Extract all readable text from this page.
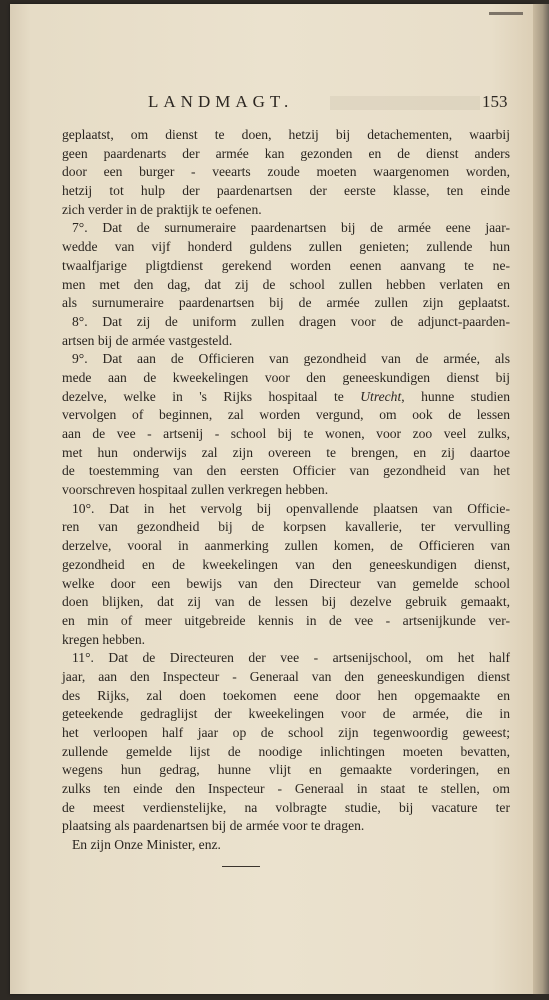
LANDMAGT.	153
geplaatst, om dienst te doen, hetzij bij detachementen, waarbij
geen paardenarts der armée kan gezonden en de dienst anders
door een burger - veearts zoude moeten waargenomen worden,
hetzij tot hulp der paardenartsen der eerste klasse, ten einde
zich verder in de praktijk te oefenen.
7°. Dat de surnumeraire paardenartsen bij de armée eene jaar-
wedde van vijf honderd guldens zullen genieten; zullende hun
twaalfjarige pligtdienst gerekend worden eenen aanvang te ne-
men met den dag, dat zij de school zullen hebben verlaten en
als surnumeraire paardenartsen bij de armée zullen zijn geplaatst.
8°. Dat zij de uniform zullen dragen voor de adjunct-paarden-
artsen bij de armée vastgesteld.
9°. Dat aan de Officieren van gezondheid van de armée, als
mede aan de kweekelingen voor den geneeskundigen dienst bij
dezelve, welke in 's Rijks hospitaal te Utrecht, hunne studien
vervolgen of beginnen, zal worden vergund, om ook de lessen
aan de vee - artsenij - school bij te wonen, voor zoo veel zulks,
met hun onderwijs zal zijn overeen te brengen, en zij daartoe
de toestemming van den eersten Officier van gezondheid van het
voorschreven hospitaal zullen verkregen hebben.
10°. Dat in het vervolg bij openvallende plaatsen van Officie-
ren van gezondheid bij de korpsen kavallerie, ter vervulling
derzelve, vooral in aanmerking zullen komen, de Officieren van
gezondheid en de kweekelingen van den geneeskundigen dienst,
welke door een bewijs van den Directeur van gemelde school
doen blijken, dat zij van de lessen bij dezelve gebruik gemaakt,
en min of meer uitgebreide kennis in de vee - artsenijkunde ver-
kregen hebben.
11°. Dat de Directeuren der vee - artsenijschool, om het half
jaar, aan den Inspecteur - Generaal van den geneeskundigen dienst
des Rijks, zal doen toekomen eene door hen opgemaakte en
geteekende gedraglijst der kweekelingen voor de armée, die in
het verloopen half jaar op de school zijn tegenwoordig geweest;
zullende gemelde lijst de noodige inlichtingen moeten bevatten,
wegens hun gedrag, hunne vlijt en gemaakte vorderingen, en
zulks ten einde den Inspecteur - Generaal in staat te stellen, om
de meest verdienstelijke, na volbragte studie, bij vacature ter
plaatsing als paardenartsen bij de armée voor te dragen.
En zijn Onze Minister, enz.
